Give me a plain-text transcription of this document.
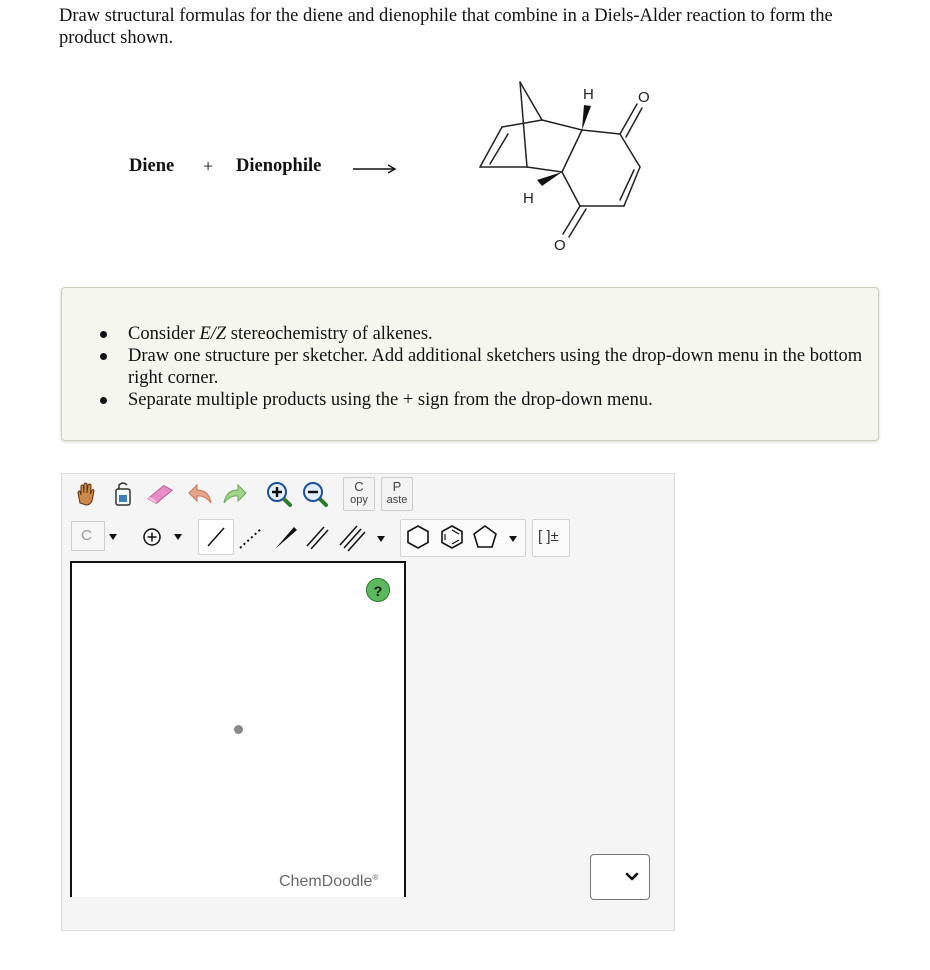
Draw structural formulas for the diene and dienophile that combine in a Diels-Alder reaction to form the product shown.

Diene + Dienophile
H
H
O
O
Consider E/Z stereochemistry of alkenes.
Draw one structure per sketcher. Add additional sketchers using the drop-down menu in the bottom right corner.
Separate multiple products using the + sign from the drop-down menu.
C
opy
P
aste
C	[ ]±
?
ChemDoodle®
